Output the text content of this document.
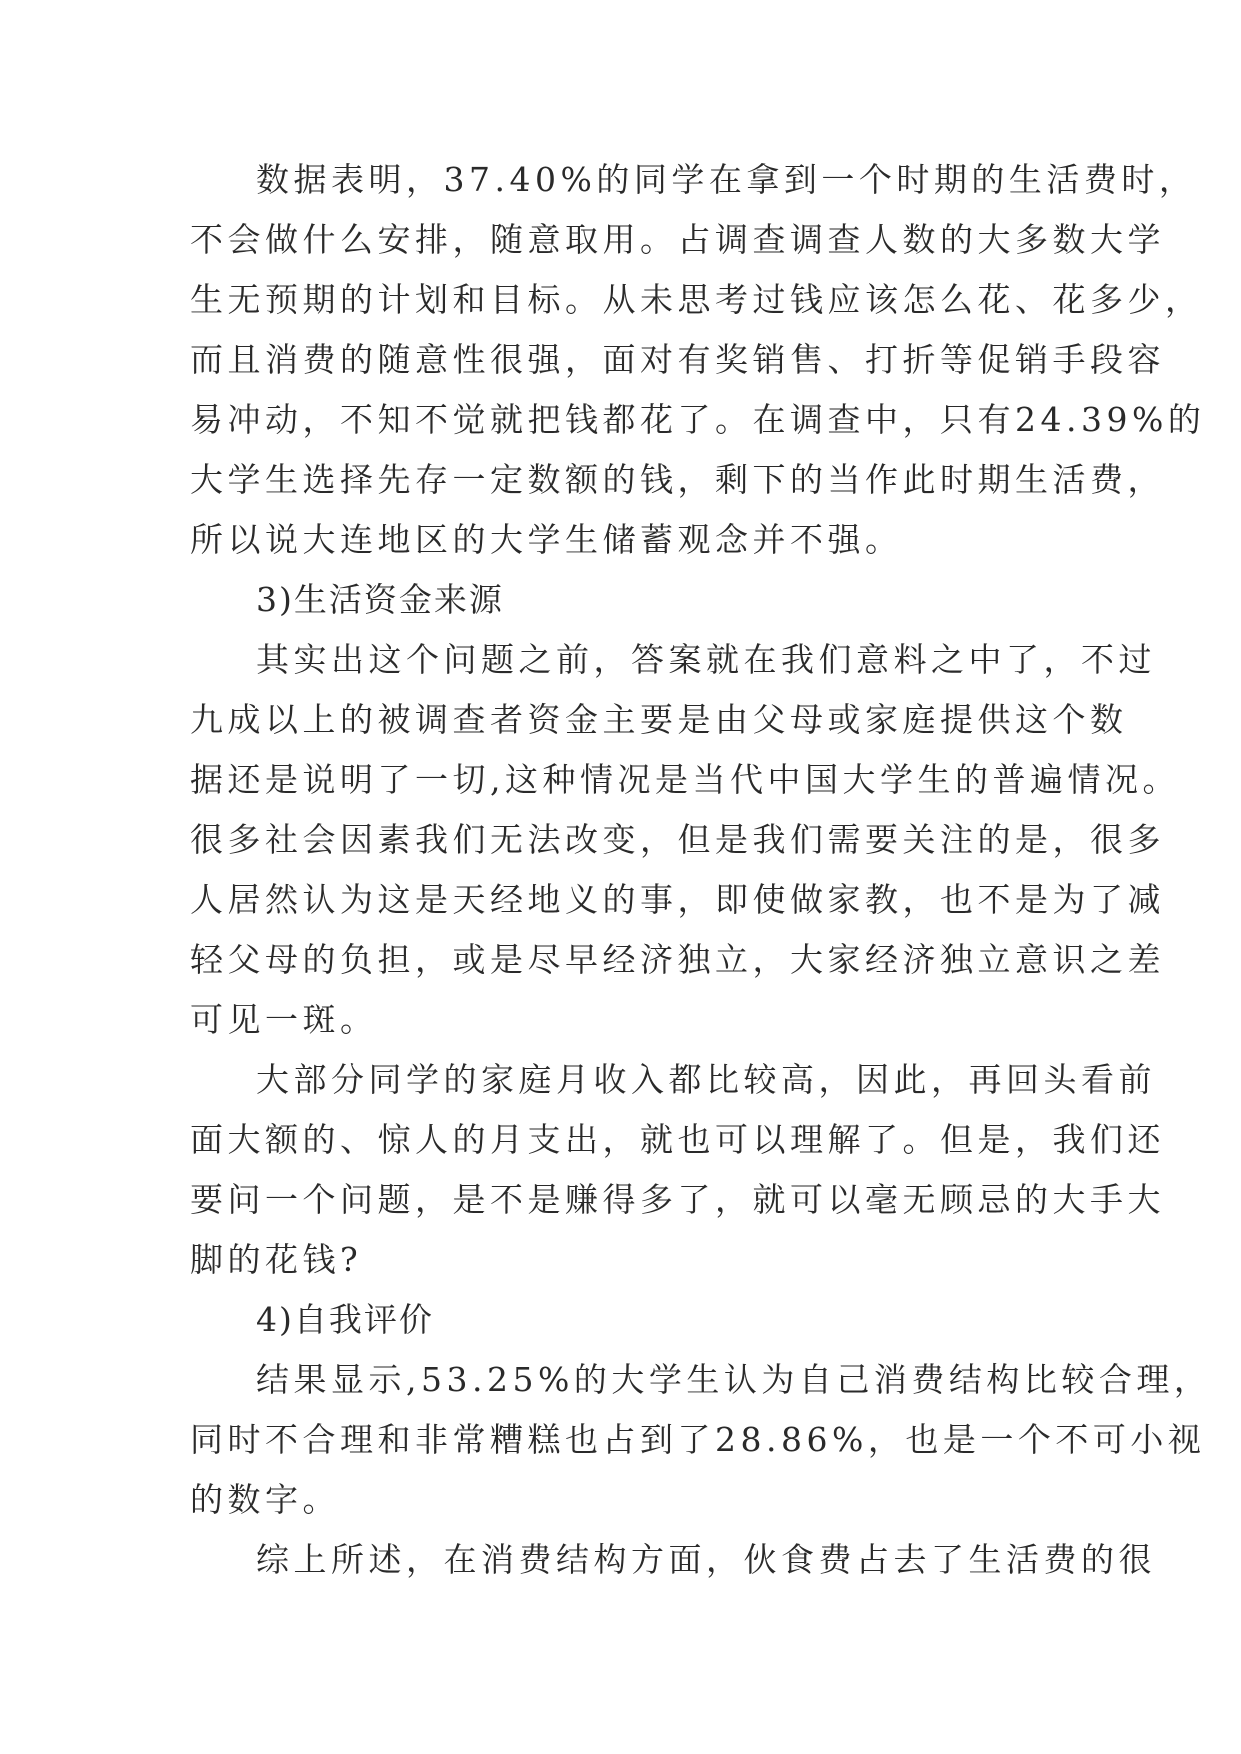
数据表明，37.40%的同学在拿到一个时期的生活费时，
不会做什么安排，随意取用。占调查调查人数的大多数大学
生无预期的计划和目标。从未思考过钱应该怎么花、花多少，
而且消费的随意性很强，面对有奖销售、打折等促销手段容
易冲动，不知不觉就把钱都花了。在调查中，只有24.39%的
大学生选择先存一定数额的钱，剩下的当作此时期生活费，
所以说大连地区的大学生储蓄观念并不强。
3)生活资金来源
其实出这个问题之前，答案就在我们意料之中了，不过
九成以上的被调查者资金主要是由父母或家庭提供这个数
据还是说明了一切,这种情况是当代中国大学生的普遍情况。
很多社会因素我们无法改变，但是我们需要关注的是，很多
人居然认为这是天经地义的事，即使做家教，也不是为了减
轻父母的负担，或是尽早经济独立，大家经济独立意识之差
可见一斑。
大部分同学的家庭月收入都比较高，因此，再回头看前
面大额的、惊人的月支出，就也可以理解了。但是，我们还
要问一个问题，是不是赚得多了，就可以毫无顾忌的大手大
脚的花钱?
4)自我评价
结果显示,53.25%的大学生认为自己消费结构比较合理，
同时不合理和非常糟糕也占到了28.86%，也是一个不可小视
的数字。
综上所述，在消费结构方面，伙食费占去了生活费的很
